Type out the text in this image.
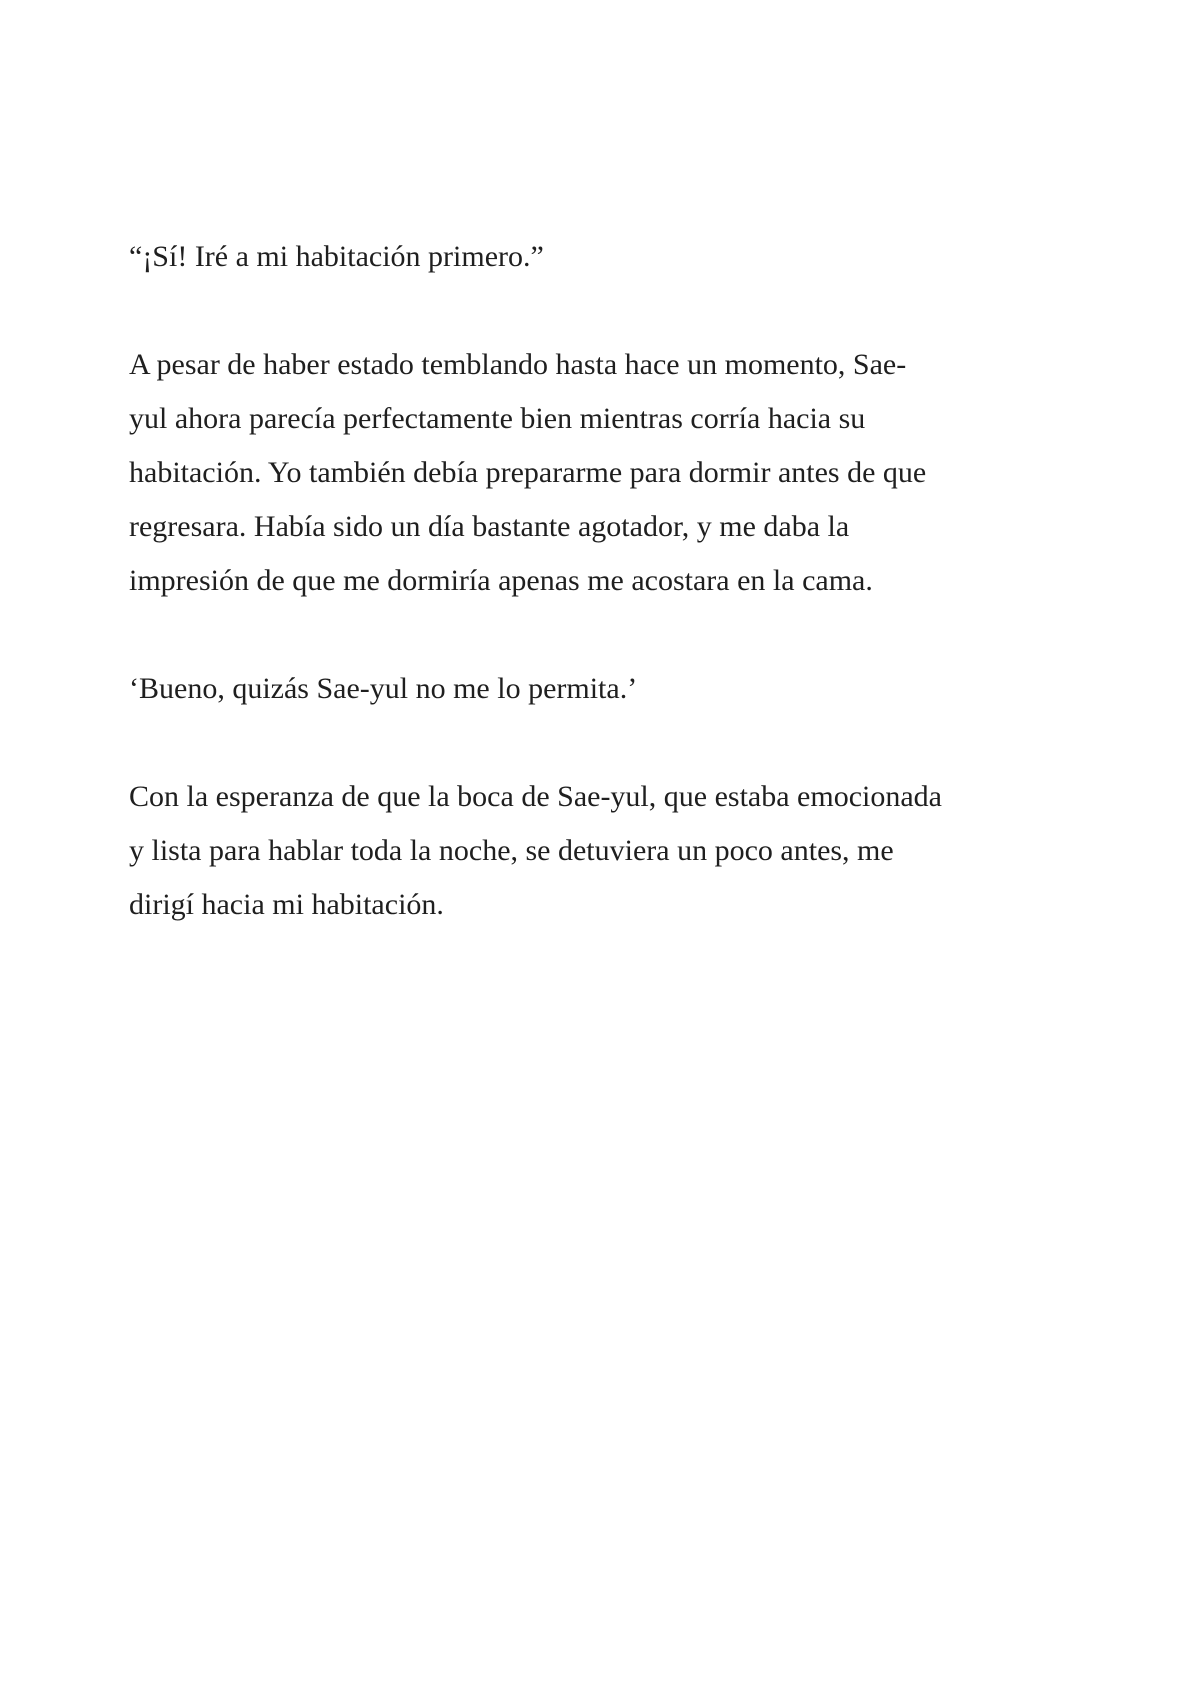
“¡Sí! Iré a mi habitación primero.”

A pesar de haber estado temblando hasta hace un momento, Sae-
yul ahora parecía perfectamente bien mientras corría hacia su
habitación. Yo también debía prepararme para dormir antes de que
regresara. Había sido un día bastante agotador, y me daba la
impresión de que me dormiría apenas me acostara en la cama.

‘Bueno, quizás Sae-yul no me lo permita.’

Con la esperanza de que la boca de Sae-yul, que estaba emocionada
y lista para hablar toda la noche, se detuviera un poco antes, me
dirigí hacia mi habitación.
